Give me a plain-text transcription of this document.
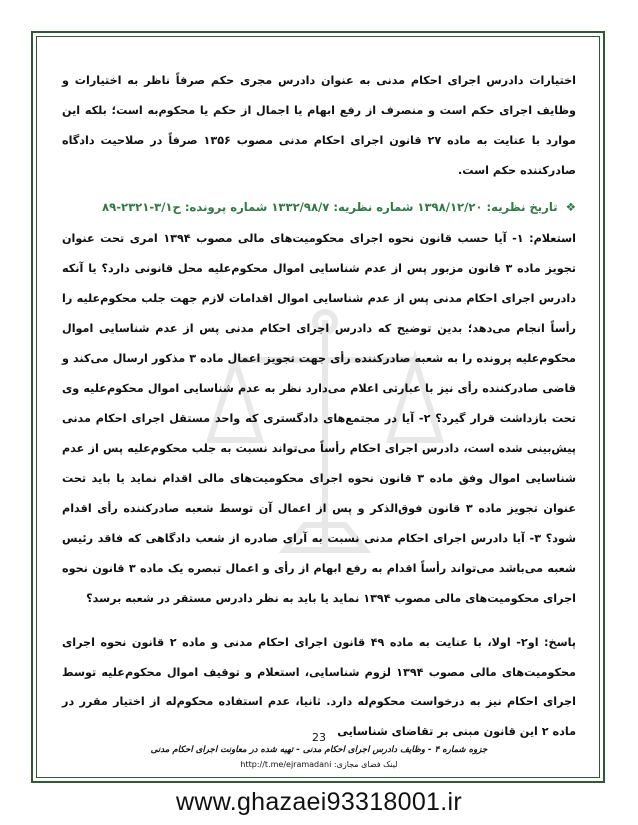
اختیارات دادرس اجرای احکام مدنی به عنوان دادرس مجری حکم صرفاً ناظر به اختیارات و وظایف اجرای حکم است و منصرف از رفع ابهام یا اجمال از حکم یا محکوم‌به است؛ بلکه این موارد با عنایت به ماده ۲۷ قانون اجرای احکام مدنی مصوب ۱۳۵۶ صرفاً در صلاحیت دادگاه صادرکننده حکم است.

❖ تاریخ نظریه: ۱۳۹۸/۱۲/۲۰ شماره نظریه: ۱۳۳۲/۹۸/۷ شماره پرونده: ح۳/۱-۲۳۲۱-۸۹

استعلام: ۱- آیا حسب قانون نحوه اجرای محکومیت‌های مالی مصوب ۱۳۹۴ امری تحت عنوان تجویز ماده ۳ قانون مزبور پس از عدم شناسایی اموال محکوم‌علیه محل قانونی دارد؟ یا آنکه دادرس اجرای احکام مدنی پس از عدم شناسایی اموال اقدامات لازم جهت جلب محکوم‌علیه را رأساً انجام می‌دهد؛ بدین توضیح که دادرس اجرای احکام مدنی پس از عدم شناسایی اموال محکوم‌علیه پرونده را به شعبه صادرکننده رأی جهت تجویز اعمال ماده ۳ مذکور ارسال می‌کند و قاضی صادرکننده رأی نیز با عبارتی اعلام می‌دارد نظر به عدم شناسایی اموال محکوم‌علیه وی تحت بازداشت قرار گیرد؟ ۲- آیا در مجتمع‌های دادگستری که واحد مستقل اجرای احکام مدنی پیش‌بینی شده است، دادرس اجرای احکام رأساً می‌تواند نسبت به جلب محکوم‌علیه پس از عدم شناسایی اموال وفق ماده ۳ قانون نحوه اجرای محکومیت‌های مالی اقدام نماید یا باید تحت عنوان تجویز ماده ۳ قانون فوق‌الذکر و پس از اعمال آن توسط شعبه صادرکننده رأی اقدام شود؟ ۳- آیا دادرس اجرای احکام مدنی نسبت به آرای صادره از شعب دادگاهی که فاقد رئیس شعبه می‌باشد می‌تواند رأساً اقدام به رفع ابهام از رأی و اعمال تبصره یک ماده ۳ قانون نحوه اجرای محکومیت‌های مالی مصوب ۱۳۹۴ نماید یا باید به نظر دادرس مستقر در شعبه برسد؟

پاسخ: او۲- اولا، با عنایت به ماده ۴۹ قانون اجرای احکام مدنی و ماده ۲ قانون نحوه اجرای محکومیت‌های مالی مصوب ۱۳۹۴ لزوم شناسایی، استعلام و توقیف اموال محکوم‌علیه توسط اجرای احکام نیز به درخواست محکوم‌له دارد. ثانیا، عدم استفاده محکوم‌له از اختیار مقرر در ماده ۲ این قانون مبنی بر تقاضای شناسایی

23
جزوه شماره ۴ - وظایف دادرس اجرای احکام مدنی - تهیه شده در معاونت اجرای احکام مدنی
لینک فضای مجازی: http://t.me/ejramadani
www.ghazaei93318001.ir
